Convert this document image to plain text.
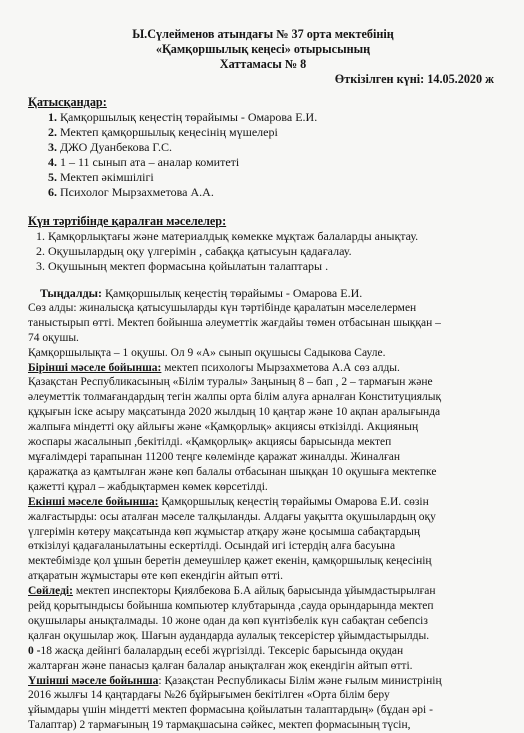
Ы.Сүлейменов атындағы № 37 орта мектебінің
«Қамқоршылық кеңесі» отырысының
Хаттамасы № 8
Өткізілген күні: 14.05.2020 ж
Қатысқандар:
1. Қамқоршылық кеңестің төрайымы - Омарова Е.И.
2. Мектеп қамқоршылық кеңесінің мүшелері
3. ДЖО Дуанбекова Г.С.
4. 1 – 11 сынып ата – аналар комитеті
5. Мектеп әкімшілігі
6. Психолог Мырзахметова А.А.
Күн тәртібінде қаралған мәселелер:
1. Қамқорлықтағы және материалдық көмекке мұқтаж балаларды анықтау.
2. Оқушылардың оқу үлгерімін , сабаққа қатысуын қадағалау.
3. Оқушының мектеп формасына қойылатын талаптары .
Тыңдалды: Қамқоршылық кеңестің төрайымы - Омарова Е.И.
Сөз алды: жиналысқа қатысушыларды күн тәртібінде қаралатын мәселелермен
таныстырып өтті. Мектеп бойынша әлеуметтік жағдайы төмен отбасынан шыққан –
74 оқушы.
Қамқоршылықта – 1 оқушы. Ол 9 «А» сынып оқушысы Садыкова Саулe.
Бірінші мәселе бойынша: мектеп психологы Мырзахметова А.А сөз алды.
Қазақстан Республикасының «Білім туралы» Заңының 8 – бап , 2 – тармағын және
әлеуметтік толмағандардың тегін жалпы орта білім алуға арналған Конституциялық
құқығын іске асыру мақсатында 2020 жылдың 10 қаңтар және 10 ақпан аралығында
жалпыға міндетті оқу айлығы және «Қамқорлық» акциясы өткізілді. Акцияның
жоспары жасалынып ,бекітілді. «Қамқорлық» акциясы барысында мектеп
мұғалімдері тарапынан 11200 теңге көлемінде қаражат жиналды. Жиналған
қаражатқа аз қамтылған және көп балалы отбасынан шыққан 10 оқушыға мектепке
қажетті құрал – жабдықтармен көмек көрсетілді.
Екінші мәселе бойынша: Қамқоршылық кеңестің төрайымы Омарова Е.И. сөзін
жалғастырды: осы аталған мәселе талқыланды. Алдағы уақытта оқушылардың оқу
үлгерімін көтеру мақсатында көп жұмыстар атқару және қосымша сабақтардың
өткізілуі қадағаланылатыны ескертілді. Осындай игі істердің алға басуына
мектебімізде қол ұшын беретін демеушілер қажет екенін, қамқоршылық кеңесінің
атқаратын жұмыстары өте көп екендігін айтып өтті.
Сөйледі: мектеп инспекторы Қиялбекова Б.А айлық барысында ұйымдастырылған
рейд қорытындысы бойынша компьютер клубтарында ,сауда орындарында мектеп
оқушылары анықталмады. 10 жоне одан да көп күнтізбелік күн сабақтан себепсіз
қалған оқушылар жоқ. Шағын аудандарда аулалық тексерістер ұйымдастырылды.
0 -18 жасқа дейінгі балалардың есебі жүргізілді. Тексеріс барысында оқудан
жалтарған және панасыз қалған балалар анықталған жоқ екендігін айтып өтті.
Үшінші мәселе бойынша: Қазақстан Республикасы Білім және ғылым министрінің
2016 жылғы 14 қаңтардағы №26 бұйрығымен бекітілген «Орта білім беру
ұйымдары үшін міндетті мектеп формасына қойылатын талаптардың» (бұдан әрі -
Талаптар) 2 тармағының 19 тармақшасына сәйкес, мектеп формасының түсін,
